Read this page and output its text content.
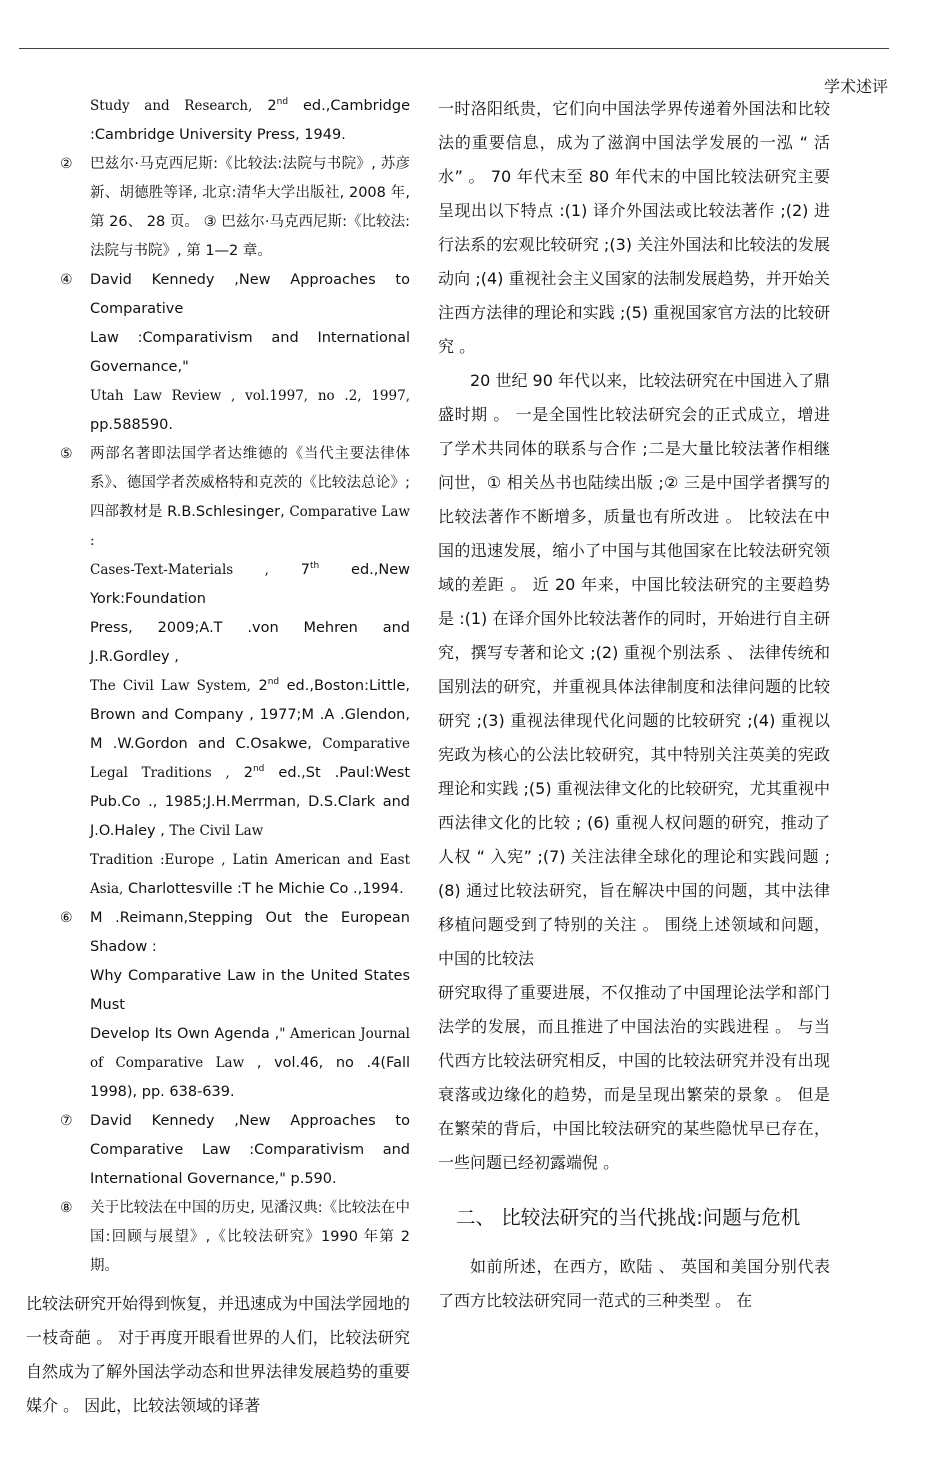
学术述评

Study and Research, 2nd ed.,Cambridge :Cambridge University Press, 1949.

② 巴兹尔·马克西尼斯:《比较法:法院与书院》, 苏彦新、胡德胜等译, 北京:清华大学出版社, 2008 年, 第 26、 28 页。 ③ 巴兹尔·马克西尼斯:《比较法:法院与书院》, 第 1—2 章。

④ David Kennedy ,New Approaches to Comparative

Law :Comparativism and International Governance,"

Utah Law Review , vol.1997, no .2, 1997, pp.588590.

⑤ 两部名著即法国学者达维德的《当代主要法律体系》、德国学者茨威格特和克茨的《比较法总论》; 四部教材是 R.B.Schlesinger, Comparative Law :

Cases-Text-Materials , 7th ed.,New York:Foundation

Press, 2009;A.T .von Mehren and J.R.Gordley ,

The Civil Law System, 2nd ed.,Boston:Little, Brown and Company , 1977;M .A .Glendon, M .W.Gordon and C.Osakwe, Comparative Legal Traditions , 2nd ed.,St .Paul:West Pub.Co ., 1985;J.H.Merrman, D.S.Clark and J.O.Haley , The Civil Law

Tradition :Europe , Latin American and East Asia, Charlottesville :T he Michie Co .,1994.

⑥ M .Reimann,Stepping Out the European Shadow :

Why Comparative Law in the United States Must

Develop Its Own Agenda ," American Journal of Comparative Law , vol.46, no .4(Fall 1998), pp. 638-639.

⑦ David Kennedy ,New Approaches to Comparative Law :Comparativism and International Governance," p.590.

⑧ 关于比较法在中国的历史, 见潘汉典:《比较法在中国:回顾与展望》,《比较法研究》1990 年第 2 期。

比较法研究开始得到恢复，并迅速成为中国法学园地的一枝奇葩 。 对于再度开眼看世界的人们，比较法研究自然成为了解外国法学动态和世界法律发展趋势的重要媒介 。 因此，比较法领域的译著

一时洛阳纸贵，它们向中国法学界传递着外国法和比较法的重要信息，成为了滋润中国法学发展的一泓 “ 活水” 。 70 年代末至 80 年代末的中国比较法研究主要呈现出以下特点 :(1) 译介外国法或比较法著作 ;(2) 进行法系的宏观比较研究 ;(3) 关注外国法和比较法的发展动向 ;(4) 重视社会主义国家的法制发展趋势，并开始关注西方法律的理论和实践 ;(5) 重视国家官方法的比较研究 。

20 世纪 90 年代以来，比较法研究在中国进入了鼎盛时期 。 一是全国性比较法研究会的正式成立，增进了学术共同体的联系与合作 ;二是大量比较法著作相继问世，① 相关丛书也陆续出版 ;② 三是中国学者撰写的比较法著作不断增多，质量也有所改进 。 比较法在中国的迅速发展，缩小了中国与其他国家在比较法研究领域的差距 。 近 20 年来，中国比较法研究的主要趋势是 :(1) 在译介国外比较法著作的同时，开始进行自主研究，撰写专著和论文 ;(2) 重视个别法系 、 法律传统和国别法的研究，并重视具体法律制度和法律问题的比较研究 ;(3) 重视法律现代化问题的比较研究 ;(4) 重视以宪政为核心的公法比较研究，其中特别关注英美的宪政理论和实践 ;(5) 重视法律文化的比较研究，尤其重视中西法律文化的比较 ; (6) 重视人权问题的研究，推动了人权 “ 入宪” ;(7) 关注法律全球化的理论和实践问题 ;(8) 通过比较法研究，旨在解决中国的问题，其中法律移植问题受到了特别的关注 。 围绕上述领域和问题，中国的比较法

研究取得了重要进展，不仅推动了中国理论法学和部门法学的发展，而且推进了中国法治的实践进程 。 与当代西方比较法研究相反，中国的比较法研究并没有出现衰落或边缘化的趋势，而是呈现出繁荣的景象 。 但是在繁荣的背后，中国比较法研究的某些隐忧早已存在，一些问题已经初露端倪 。

二、 比较法研究的当代挑战:问题与危机

如前所述，在西方，欧陆 、 英国和美国分别代表了西方比较法研究同一范式的三种类型 。 在
